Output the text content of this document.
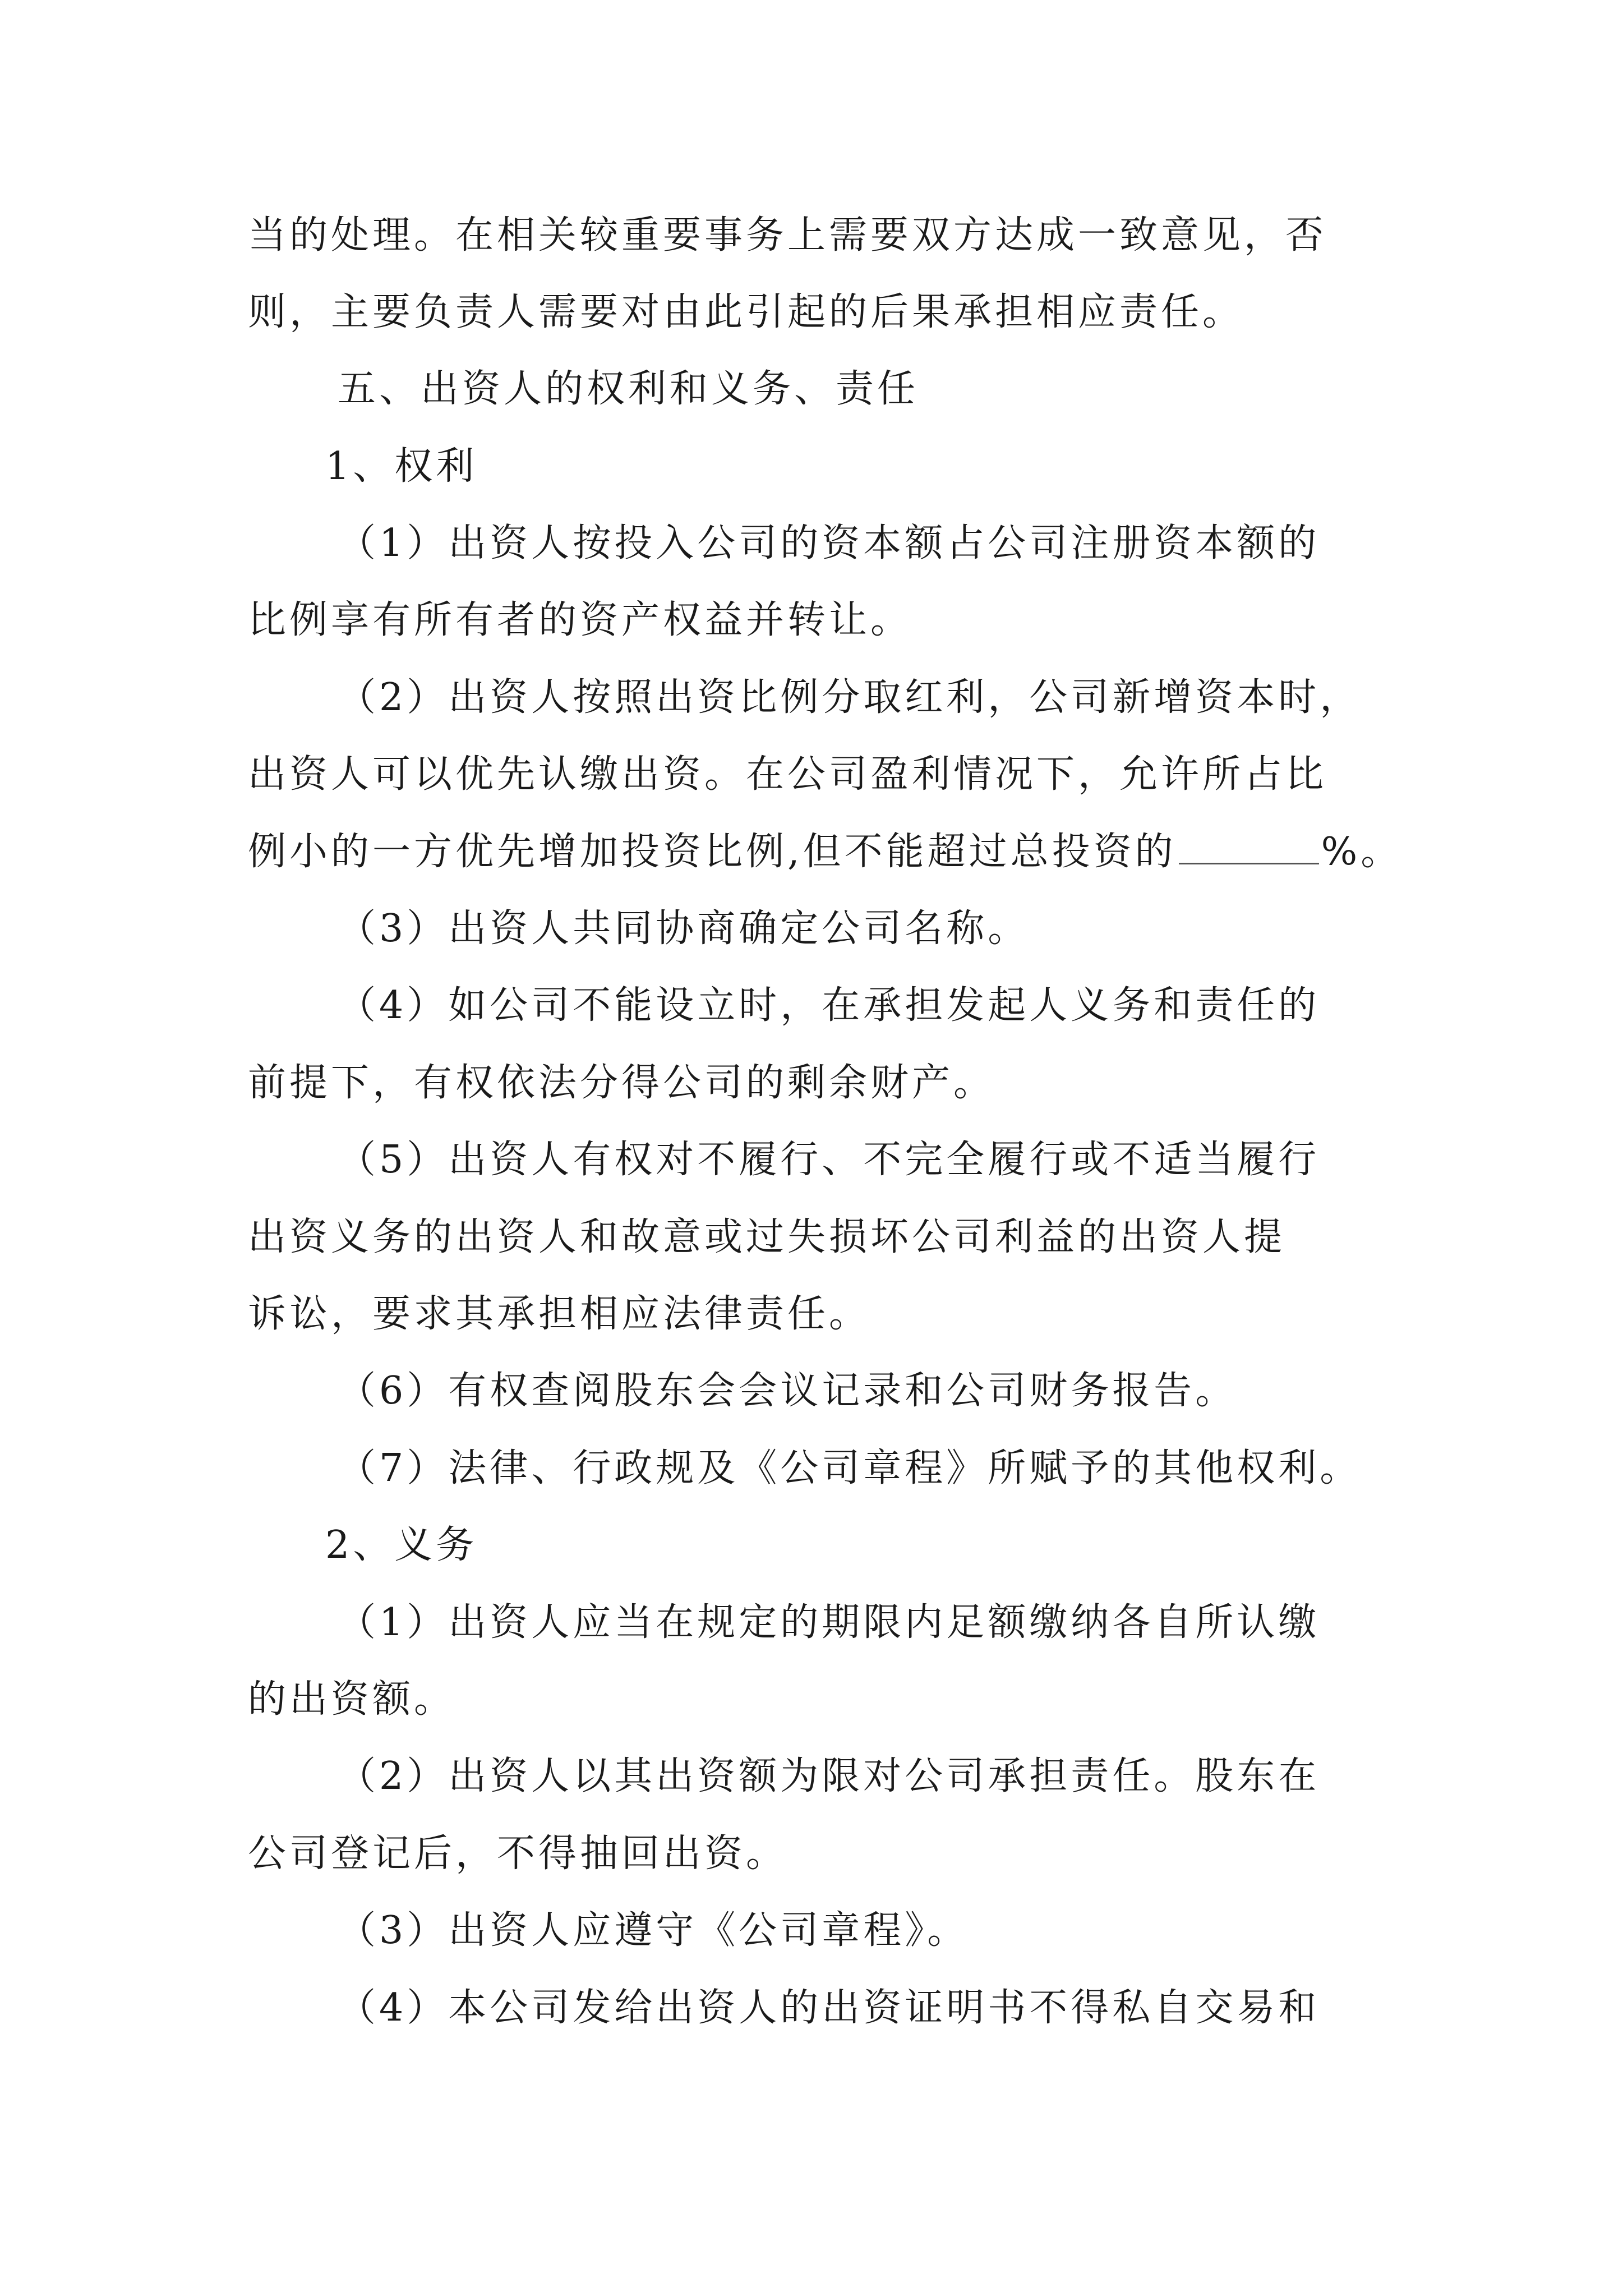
当的处理。在相关较重要事务上需要双方达成一致意见，否
则，主要负责人需要对由此引起的后果承担相应责任。
五、出资人的权利和义务、责任
1、权利
（1）出资人按投入公司的资本额占公司注册资本额的
比例享有所有者的资产权益并转让。
（2）出资人按照出资比例分取红利，公司新增资本时，
出资人可以优先认缴出资。在公司盈利情况下，允许所占比
例小的一方优先增加投资比例,但不能超过总投资的	%。
（3）出资人共同协商确定公司名称。
（4）如公司不能设立时，在承担发起人义务和责任的
前提下，有权依法分得公司的剩余财产。
（5）出资人有权对不履行、不完全履行或不适当履行
出资义务的出资人和故意或过失损坏公司利益的出资人提
诉讼，要求其承担相应法律责任。
（6）有权查阅股东会会议记录和公司财务报告。
（7）法律、行政规及《公司章程》所赋予的其他权利。
2、义务
（1）出资人应当在规定的期限内足额缴纳各自所认缴
的出资额。
（2）出资人以其出资额为限对公司承担责任。股东在
公司登记后，不得抽回出资。
（3）出资人应遵守《公司章程》。
（4）本公司发给出资人的出资证明书不得私自交易和
